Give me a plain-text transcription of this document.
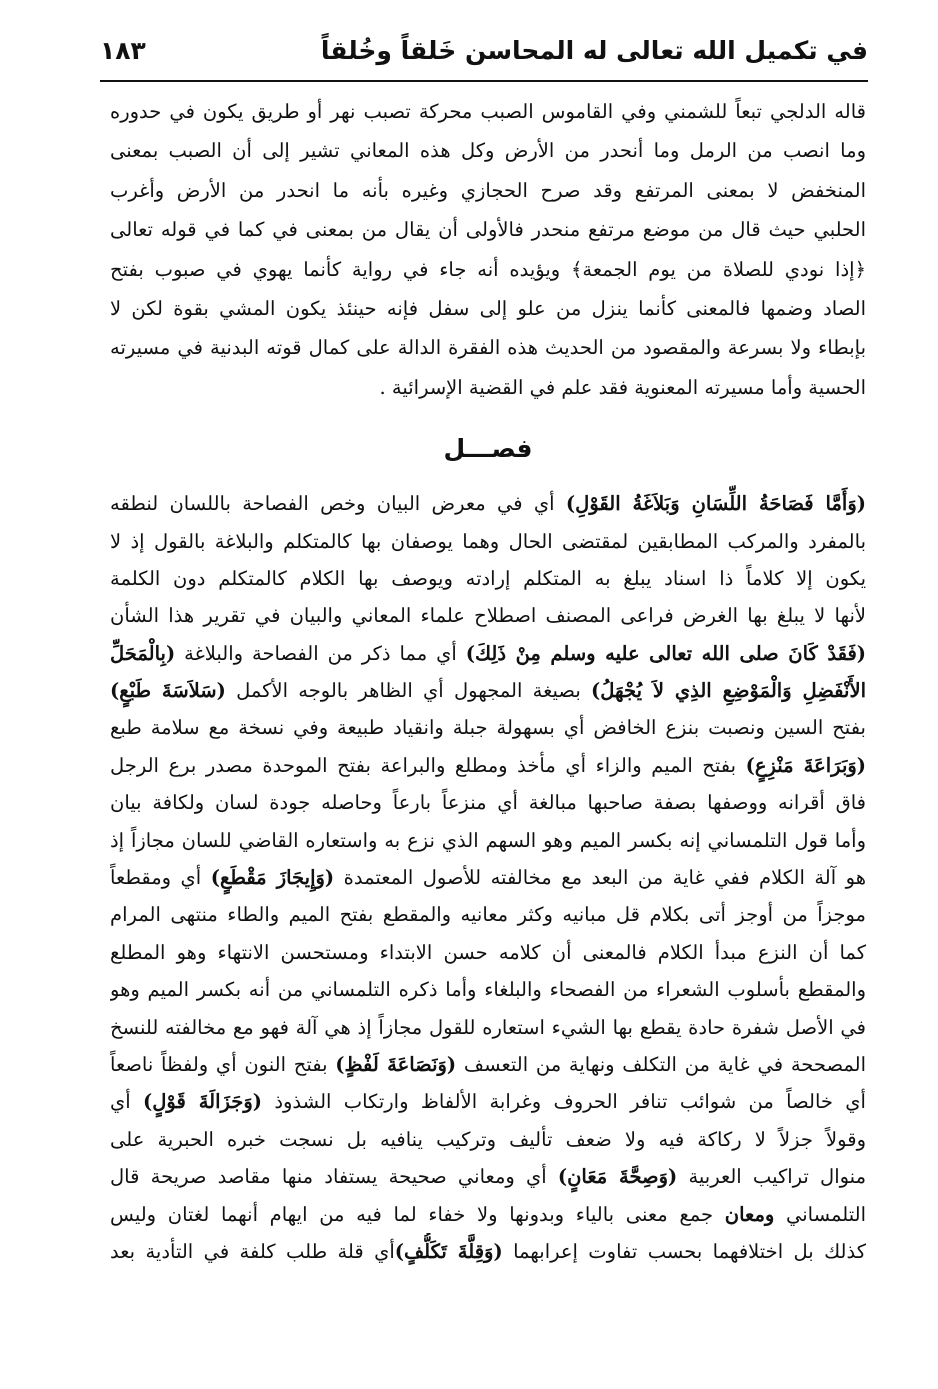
في تكميل الله تعالى له المحاسن خَلقاً وخُلقاً
١٨٣
قاله الدلجي تبعاً للشمني وفي القاموس الصبب محركة تصبب نهر أو طريق يكون في حدوره
وما انصب من الرمل وما أنحدر من الأرض وكل هذه المعاني تشير إلى أن الصبب بمعنى
المنخفض لا بمعنى المرتفع وقد صرح الحجازي وغيره بأنه ما انحدر من الأرض وأغرب
الحلبي حيث قال من موضع مرتفع منحدر فالأولى أن يقال من بمعنى في كما في قوله تعالى
﴿إذا نودي للصلاة من يوم الجمعة﴾ ويؤيده أنه جاء في رواية كأنما يهوي في صبوب بفتح
الصاد وضمها فالمعنى كأنما ينزل من علو إلى سفل فإنه حينئذ يكون المشي بقوة لكن لا
بإبطاء ولا بسرعة والمقصود من الحديث هذه الفقرة الدالة على كمال قوته البدنية في مسيرته
الحسية وأما مسيرته المعنوية فقد علم في القضية الإسرائية .
فصـــل
(وَأَمَّا فَصَاحَةُ اللِّسَانِ وَبَلاَغَةُ القَوْلِ) أي في معرض البيان وخص الفصاحة باللسان لنطقه
بالمفرد والمركب المطابقين لمقتضى الحال وهما يوصفان بها كالمتكلم والبلاغة بالقول إذ لا
يكون إلا كلاماً ذا اسناد يبلغ به المتكلم إرادته ويوصف بها الكلام كالمتكلم دون الكلمة
لأنها لا يبلغ بها الغرض فراعى المصنف اصطلاح علماء المعاني والبيان في تقرير هذا الشأن
(فَقَدْ كَانَ صلى الله تعالى عليه وسلم مِنْ ذَلِكَ) أي مما ذكر من الفصاحة والبلاغة (بِالْمَحَلِّ
الأَنْفَضِلِ وَالْمَوْضِعِ الذِي لاَ يُجْهَلُ) بصيغة المجهول أي الظاهر بالوجه الأكمل (سَلاَسَةَ طَبْعٍ)
بفتح السين ونصبت بنزع الخافض أي بسهولة جبلة وانقياد طبيعة وفي نسخة مع سلامة طبع
(وَبَرَاعَةَ مَنْزِعٍ) بفتح الميم والزاء أي مأخذ ومطلع والبراعة بفتح الموحدة مصدر برع الرجل
فاق أقرانه ووصفها بصفة صاحبها مبالغة أي منزعاً بارعاً وحاصله جودة لسان ولكافة بيان
وأما قول التلمساني إنه بكسر الميم وهو السهم الذي نزع به واستعاره القاضي للسان مجازاً إذ
هو آلة الكلام ففي غاية من البعد مع مخالفته للأصول المعتمدة (وَإِيجَازَ مَقْطَعٍ) أي ومقطعاً
موجزاً من أوجز أتى بكلام قل مبانيه وكثر معانيه والمقطع بفتح الميم والطاء منتهى المرام
كما أن النزع مبدأ الكلام فالمعنى أن كلامه حسن الابتداء ومستحسن الانتهاء وهو المطلع
والمقطع بأسلوب الشعراء من الفصحاء والبلغاء وأما ذكره التلمساني من أنه بكسر الميم وهو
في الأصل شفرة حادة يقطع بها الشيء استعاره للقول مجازاً إذ هي آلة فهو مع مخالفته للنسخ
المصححة في غاية من التكلف ونهاية من التعسف (وَنَصَاعَةَ لَفْظٍ) بفتح النون أي ولفظاً ناصعاً
أي خالصاً من شوائب تنافر الحروف وغرابة الألفاظ وارتكاب الشذوذ (وَجَزَالَةَ قَوْلٍ) أي
وقولاً جزلاً لا ركاكة فيه ولا ضعف تأليف وتركيب ينافيه بل نسجت خبره الحبرية على
منوال تراكيب العربية (وَصِحَّةَ مَعَانٍ) أي ومعاني صحيحة يستفاد منها مقاصد صريحة قال
التلمساني ومعان جمع معنى بالياء وبدونها ولا خفاء لما فيه من ايهام أنهما لغتان وليس
كذلك بل اختلافهما بحسب تفاوت إعرابهما (وَقِلَّةَ تَكَلُّفٍ)أي قلة طلب كلفة في التأدية بعد
